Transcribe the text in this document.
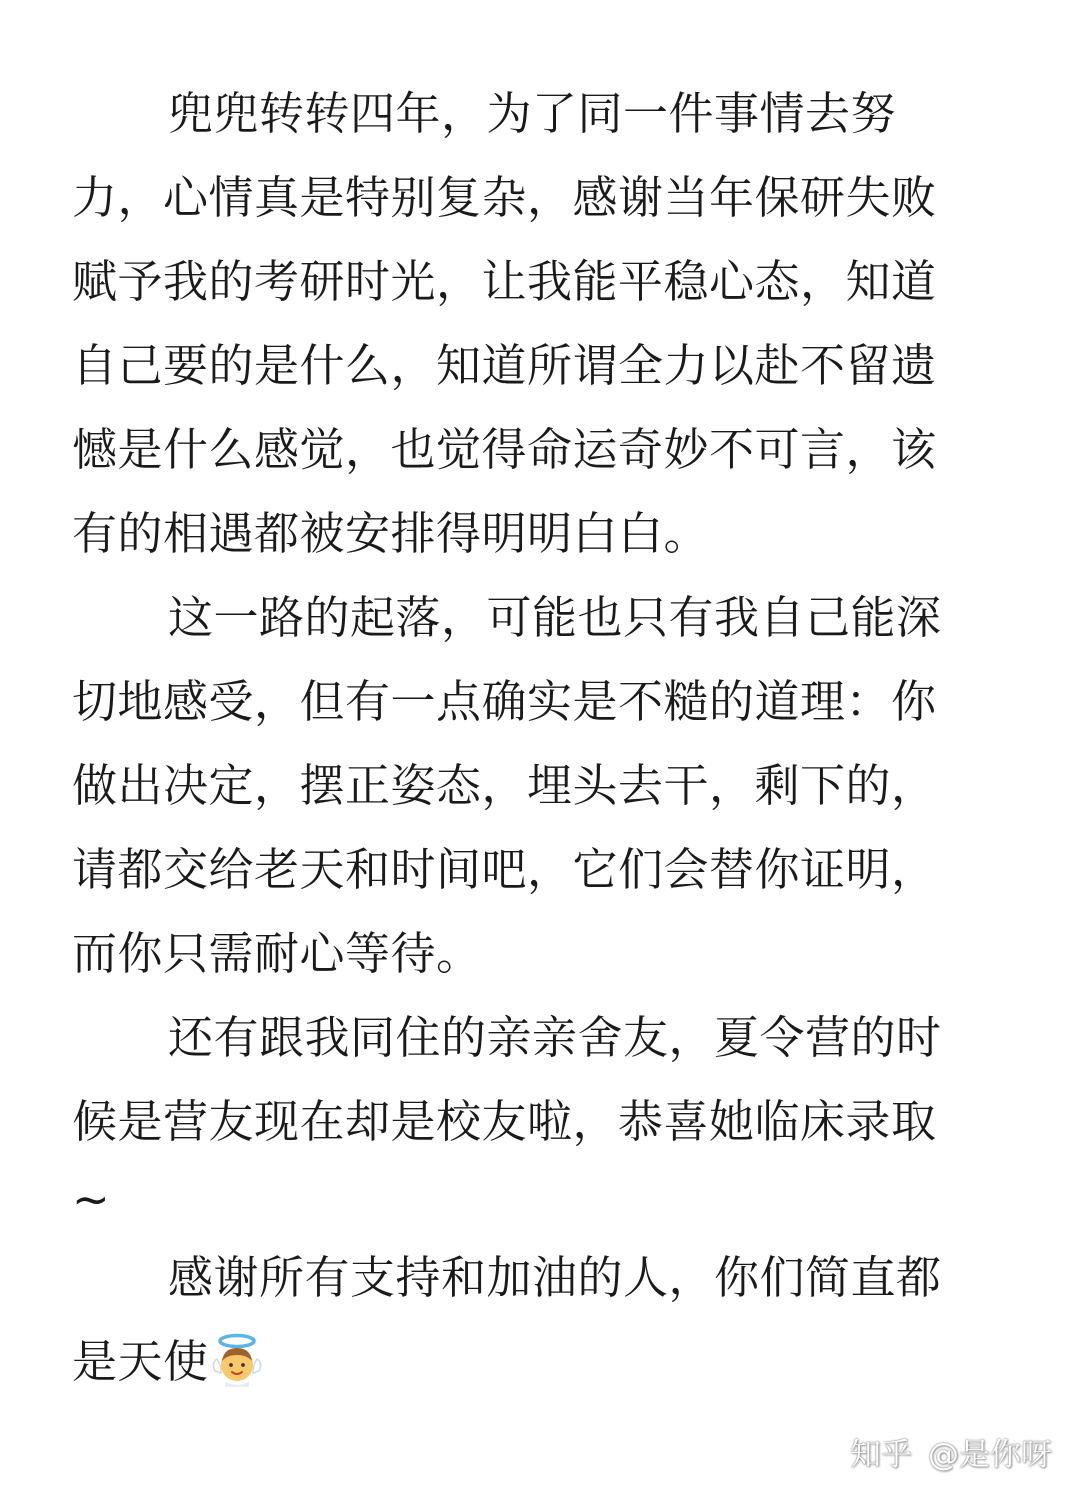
兜兜转转四年，为了同一件事情去努
力，心情真是特别复杂，感谢当年保研失败
赋予我的考研时光，让我能平稳心态，知道
自己要的是什么，知道所谓全力以赴不留遗
憾是什么感觉，也觉得命运奇妙不可言，该
有的相遇都被安排得明明白白。

这一路的起落，可能也只有我自己能深
切地感受，但有一点确实是不糙的道理：你
做出决定，摆正姿态，埋头去干，剩下的，
请都交给老天和时间吧，它们会替你证明，
而你只需耐心等待。

还有跟我同住的亲亲舍友，夏令营的时
候是营友现在却是校友啦，恭喜她临床录取
~

感谢所有支持和加油的人，你们简直都
是天使

知乎 @是你呀
